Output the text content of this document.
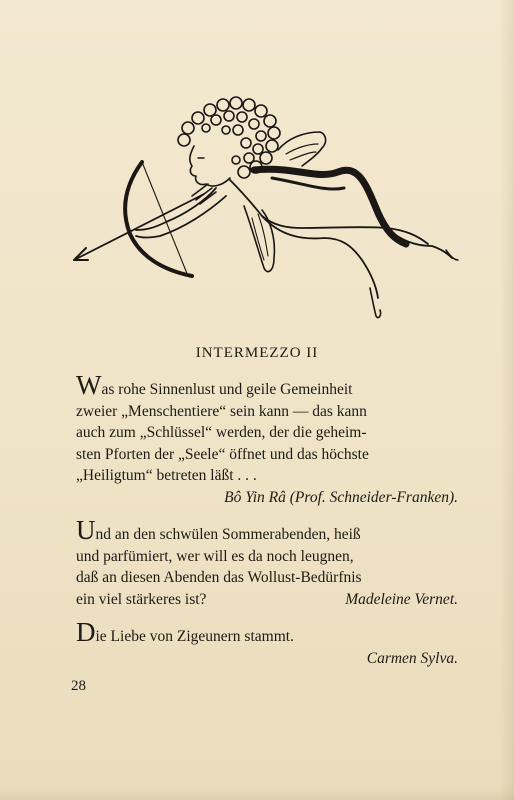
INTERMEZZO II
Was rohe Sinnenlust und geile Gemeinheit
zweier „Menschentiere“ sein kann — das kann
auch zum „Schlüssel“ werden, der die geheim-
sten Pforten der „Seele“ öffnet und das höchste
„Heiligtum“ betreten läßt . . .
Bô Yin Râ (Prof. Schneider-Franken).
Und an den schwülen Sommerabenden, heiß
und parfümiert, wer will es da noch leugnen,
daß an diesen Abenden das Wollust-Bedürfnis
ein viel stärkeres ist?	Madeleine Vernet.
Die Liebe von Zigeunern stammt.
Carmen Sylva.
28
